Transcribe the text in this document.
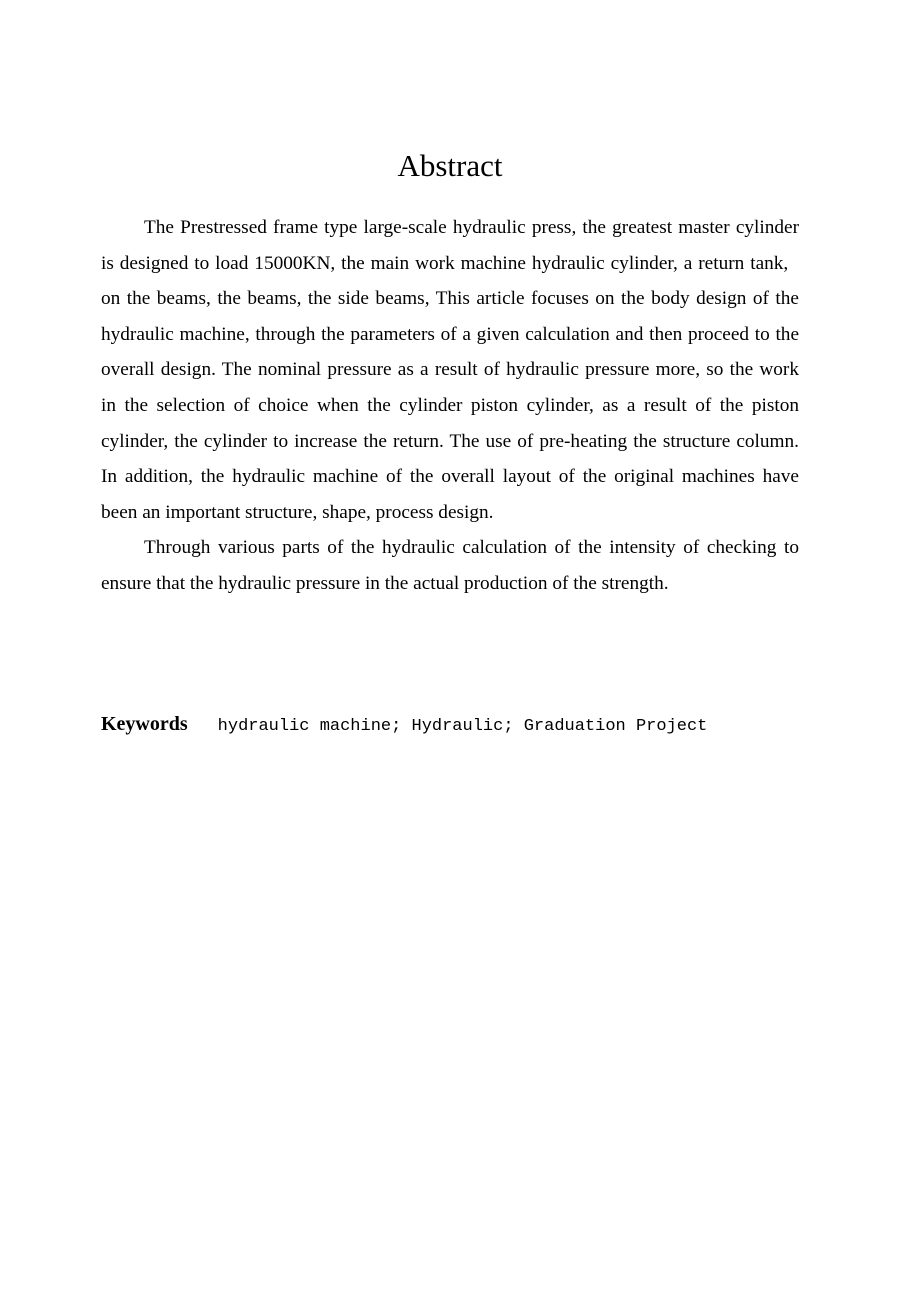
Abstract

The Prestressed frame type large-scale hydraulic press, the greatest master cylinder is designed to load 15000KN, the main work machine hydraulic cylinder, a return tank,   on the beams, the beams, the side beams, This article focuses on the body design of the hydraulic machine, through the parameters of a given calculation and then proceed to the overall design. The nominal pressure as a result of hydraulic pressure more, so the work in the selection of choice when the cylinder piston cylinder, as a result of the piston cylinder, the cylinder to increase the return. The use of pre-heating the structure column. In addition, the hydraulic machine of the overall layout of the original machines have been an important structure, shape, process design.

Through various parts of the hydraulic calculation of the intensity of checking to ensure that the hydraulic pressure in the actual production of the strength.

Keywords hydraulic machine; Hydraulic; Graduation Project
